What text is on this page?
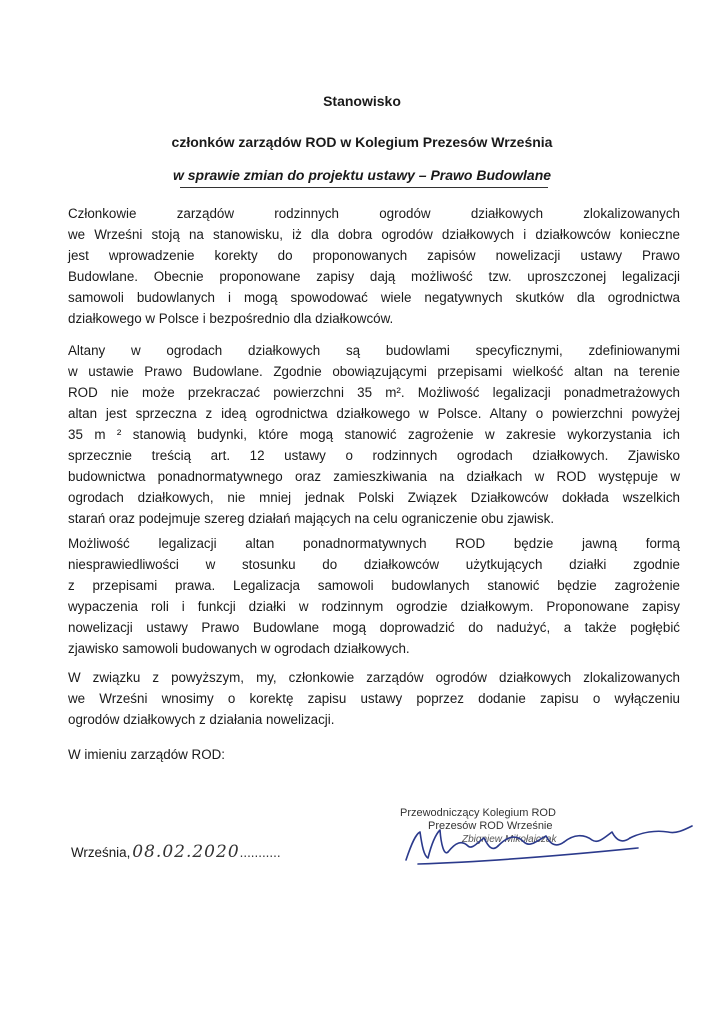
Stanowisko
członków zarządów ROD w Kolegium Prezesów Września
w sprawie zmian do projektu ustawy – Prawo Budowlane
Członkowie zarządów rodzinnych ogrodów działkowych zlokalizowanych
we Wrześni stoją na stanowisku, iż dla dobra ogrodów działkowych i działkowców konieczne
jest wprowadzenie korekty do proponowanych zapisów nowelizacji ustawy Prawo
Budowlane. Obecnie proponowane zapisy dają możliwość tzw. uproszczonej legalizacji
samowoli budowlanych i mogą spowodować wiele negatywnych skutków dla ogrodnictwa
działkowego w Polsce i bezpośrednio dla działkowców.
Altany w ogrodach działkowych są budowlami specyficznymi, zdefiniowanymi
w ustawie Prawo Budowlane. Zgodnie obowiązującymi przepisami wielkość altan na terenie
ROD nie może przekraczać powierzchni 35 m². Możliwość legalizacji ponadmetrażowych
altan jest sprzeczna z ideą ogrodnictwa działkowego w Polsce. Altany o powierzchni powyżej
35 m ² stanowią budynki, które mogą stanowić zagrożenie w zakresie wykorzystania ich
sprzecznie treścią art. 12 ustawy o rodzinnych ogrodach działkowych. Zjawisko
budownictwa ponadnormatywnego oraz zamieszkiwania na działkach w ROD występuje w
ogrodach działkowych, nie mniej jednak Polski Związek Działkowców dokłada wszelkich
starań oraz podejmuje szereg działań mających na celu ograniczenie obu zjawisk.
Możliwość legalizacji altan ponadnormatywnych ROD będzie jawną formą
niesprawiedliwości w stosunku do działkowców użytkujących działki zgodnie
z przepisami prawa. Legalizacja samowoli budowlanych stanowić będzie zagrożenie
wypaczenia roli i funkcji działki w rodzinnym ogrodzie działkowym. Proponowane zapisy
nowelizacji ustawy Prawo Budowlane mogą doprowadzić do nadużyć, a także pogłębić
zjawisko samowoli budowanych w ogrodach działkowych.
W związku z powyższym, my, członkowie zarządów ogrodów działkowych zlokalizowanych
we Wrześni wnosimy o korektę zapisu ustawy poprzez dodanie zapisu o wyłączeniu
ogrodów działkowych z działania nowelizacji.
W imieniu zarządów ROD:
Września, 08.02.2020 ...........
Przewodniczący Kolegium ROD
Prezesów ROD Wrześnie
Zbigniew Mikołajczak
